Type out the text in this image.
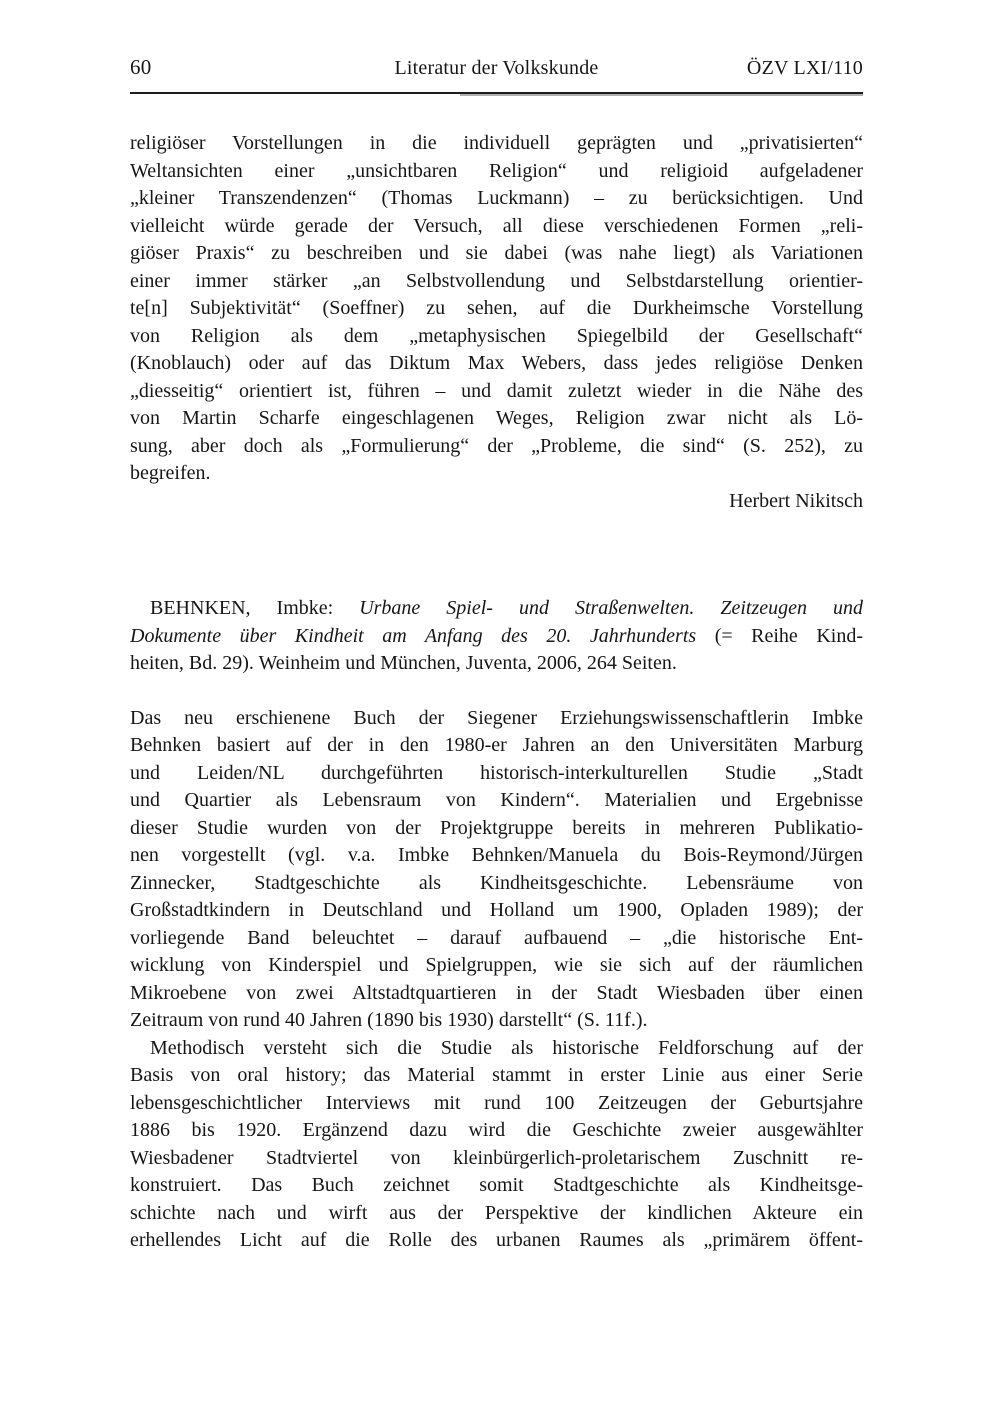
60	Literatur der Volkskunde	ÖZV LXI/110
religiöser Vorstellungen in die individuell geprägten und „privatisierten“
Weltansichten einer „unsichtbaren Religion“ und religioid aufgeladener
„kleiner Transzendenzen“ (Thomas Luckmann) – zu berücksichtigen. Und
vielleicht würde gerade der Versuch, all diese verschiedenen Formen „reli-
giöser Praxis“ zu beschreiben und sie dabei (was nahe liegt) als Variationen
einer immer stärker „an Selbstvollendung und Selbstdarstellung orientier-
te[n] Subjektivität“ (Soeffner) zu sehen, auf die Durkheimsche Vorstellung
von Religion als dem „metaphysischen Spiegelbild der Gesellschaft“
(Knoblauch) oder auf das Diktum Max Webers, dass jedes religiöse Denken
„diesseitig“ orientiert ist, führen – und damit zuletzt wieder in die Nähe des
von Martin Scharfe eingeschlagenen Weges, Religion zwar nicht als Lö-
sung, aber doch als „Formulierung“ der „Probleme, die sind“ (S. 252), zu
begreifen.
Herbert Nikitsch
BEHNKEN, Imbke: Urbane Spiel- und Straßenwelten. Zeitzeugen und
Dokumente über Kindheit am Anfang des 20. Jahrhunderts (= Reihe Kind-
heiten, Bd. 29). Weinheim und München, Juventa, 2006, 264 Seiten.
Das neu erschienene Buch der Siegener Erziehungswissenschaftlerin Imbke
Behnken basiert auf der in den 1980-er Jahren an den Universitäten Marburg
und Leiden/NL durchgeführten historisch-interkulturellen Studie „Stadt
und Quartier als Lebensraum von Kindern“. Materialien und Ergebnisse
dieser Studie wurden von der Projektgruppe bereits in mehreren Publikatio-
nen vorgestellt (vgl. v.a. Imbke Behnken/Manuela du Bois-Reymond/Jürgen
Zinnecker, Stadtgeschichte als Kindheitsgeschichte. Lebensräume von
Großstadtkindern in Deutschland und Holland um 1900, Opladen 1989); der
vorliegende Band beleuchtet – darauf aufbauend – „die historische Ent-
wicklung von Kinderspiel und Spielgruppen, wie sie sich auf der räumlichen
Mikroebene von zwei Altstadtquartieren in der Stadt Wiesbaden über einen
Zeitraum von rund 40 Jahren (1890 bis 1930) darstellt“ (S. 11f.).
Methodisch versteht sich die Studie als historische Feldforschung auf der
Basis von oral history; das Material stammt in erster Linie aus einer Serie
lebensgeschichtlicher Interviews mit rund 100 Zeitzeugen der Geburtsjahre
1886 bis 1920. Ergänzend dazu wird die Geschichte zweier ausgewählter
Wiesbadener Stadtviertel von kleinbürgerlich-proletarischem Zuschnitt re-
konstruiert. Das Buch zeichnet somit Stadtgeschichte als Kindheitsge-
schichte nach und wirft aus der Perspektive der kindlichen Akteure ein
erhellendes Licht auf die Rolle des urbanen Raumes als „primärem öffent-
